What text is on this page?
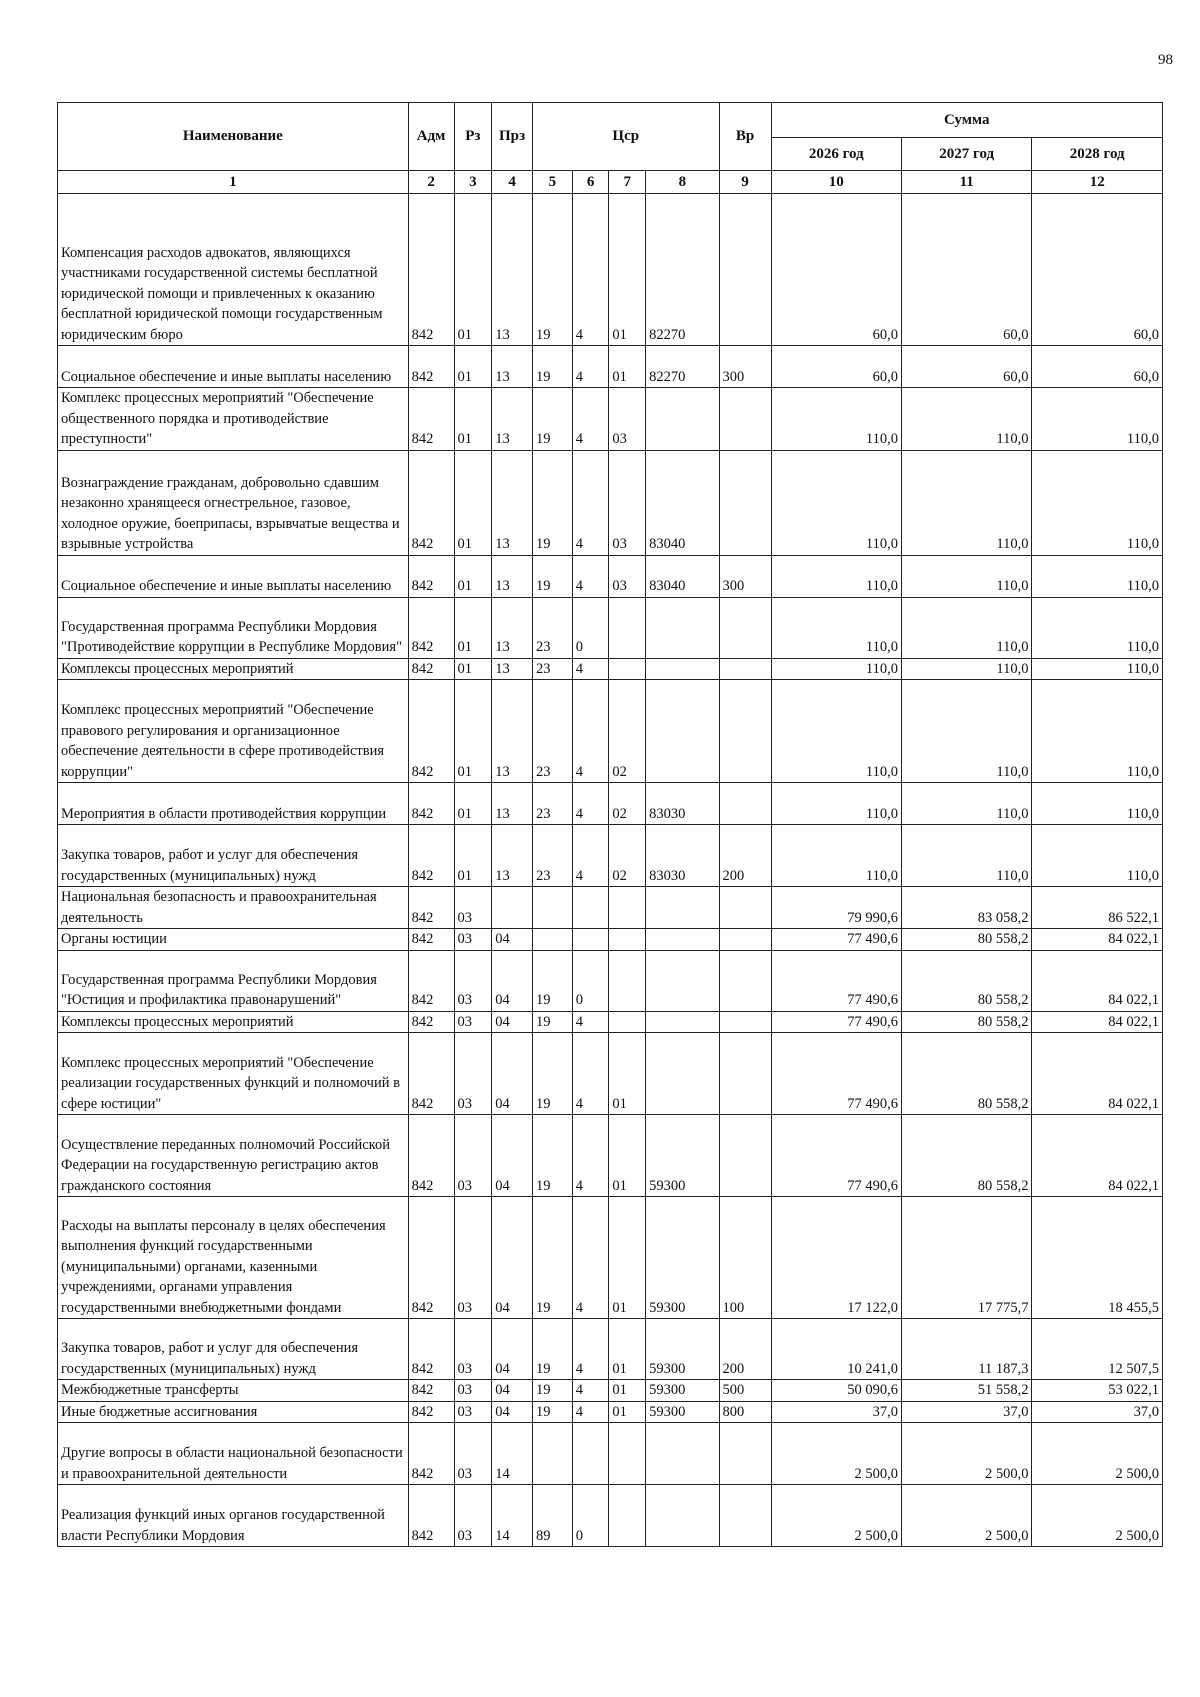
98
Наименование	Адм	Рз	Прз	Цср				Вр	Сумма		
									2026 год	2027 год	2028 год
1	2	3	4	5	6	7	8	9	10	11	12
Компенсация расходов адвокатов, являющихся участниками государственной системы бесплатной юридической помощи и привлеченных к оказанию бесплатной юридической помощи государственным юридическим бюро	842	01	13	19	4	01	82270		60,0	60,0	60,0
Социальное обеспечение и иные выплаты населению	842	01	13	19	4	01	82270	300	60,0	60,0	60,0
Комплекс процессных мероприятий "Обеспечение общественного порядка и противодействие преступности"	842	01	13	19	4	03			110,0	110,0	110,0
Вознаграждение гражданам, добровольно сдавшим незаконно хранящееся огнестрельное, газовое, холодное оружие, боеприпасы, взрывчатые вещества и взрывные устройства	842	01	13	19	4	03	83040		110,0	110,0	110,0
Социальное обеспечение и иные выплаты населению	842	01	13	19	4	03	83040	300	110,0	110,0	110,0
Государственная программа Республики Мордовия "Противодействие коррупции в Республике Мордовия"	842	01	13	23	0				110,0	110,0	110,0
Комплексы процессных мероприятий	842	01	13	23	4				110,0	110,0	110,0
Комплекс процессных мероприятий "Обеспечение правового регулирования и организационное обеспечение деятельности в сфере противодействия коррупции"	842	01	13	23	4	02			110,0	110,0	110,0
Мероприятия в области противодействия коррупции	842	01	13	23	4	02	83030		110,0	110,0	110,0
Закупка товаров, работ и услуг для обеспечения государственных (муниципальных) нужд	842	01	13	23	4	02	83030	200	110,0	110,0	110,0
Национальная безопасность и правоохранительная деятельность	842	03							79 990,6	83 058,2	86 522,1
Органы юстиции	842	03	04						77 490,6	80 558,2	84 022,1
Государственная программа Республики Мордовия "Юстиция и профилактика правонарушений"	842	03	04	19	0				77 490,6	80 558,2	84 022,1
Комплексы процессных мероприятий	842	03	04	19	4				77 490,6	80 558,2	84 022,1
Комплекс процессных мероприятий "Обеспечение реализации государственных функций и полномочий в сфере юстиции"	842	03	04	19	4	01			77 490,6	80 558,2	84 022,1
Осуществление переданных полномочий Российской Федерации на государственную регистрацию актов гражданского состояния	842	03	04	19	4	01	59300		77 490,6	80 558,2	84 022,1
Расходы на выплаты персоналу в целях обеспечения выполнения функций государственными (муниципальными) органами, казенными учреждениями, органами управления государственными внебюджетными фондами	842	03	04	19	4	01	59300	100	17 122,0	17 775,7	18 455,5
Закупка товаров, работ и услуг для обеспечения государственных (муниципальных) нужд	842	03	04	19	4	01	59300	200	10 241,0	11 187,3	12 507,5
Межбюджетные трансферты	842	03	04	19	4	01	59300	500	50 090,6	51 558,2	53 022,1
Иные бюджетные ассигнования	842	03	04	19	4	01	59300	800	37,0	37,0	37,0
Другие вопросы в области национальной безопасности и правоохранительной деятельности	842	03	14						2 500,0	2 500,0	2 500,0
Реализация функций иных органов государственной власти Республики Мордовия	842	03	14	89	0				2 500,0	2 500,0	2 500,0
